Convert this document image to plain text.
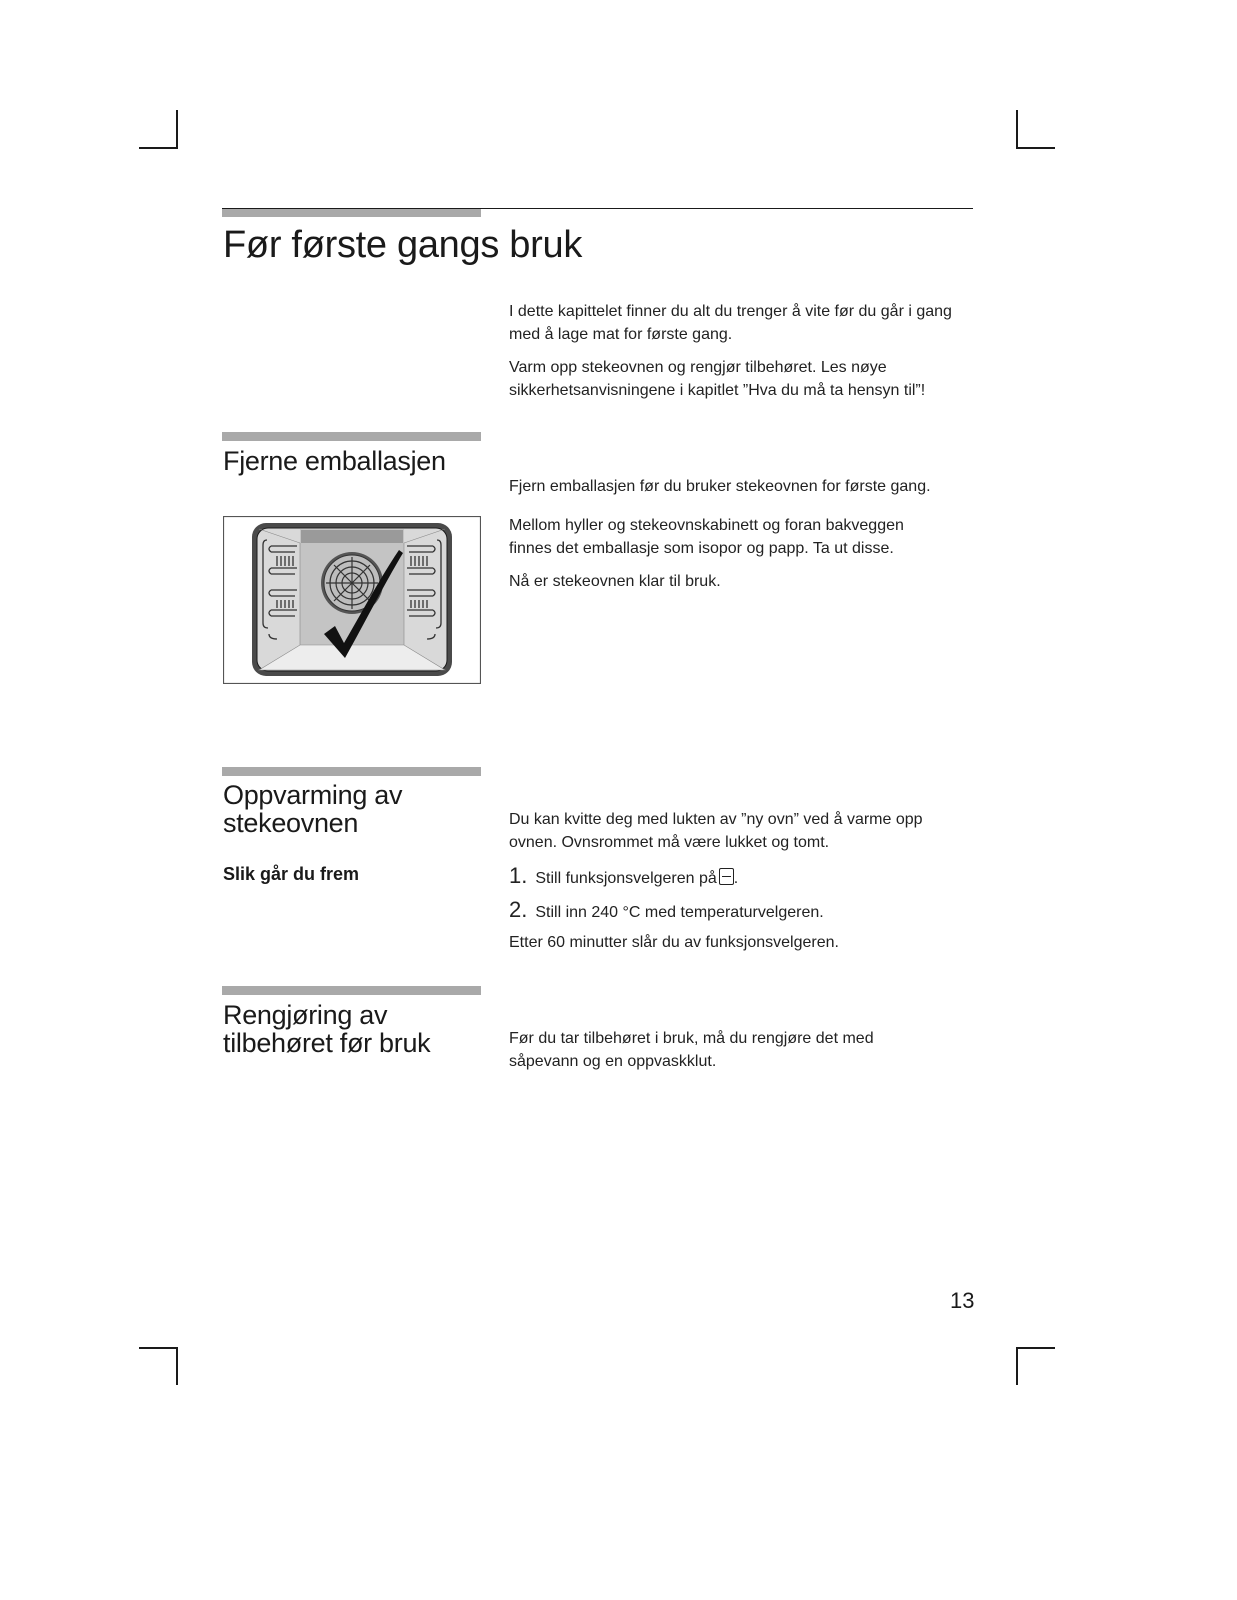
Før første gangs bruk

I dette kapittelet finner du alt du trenger å vite før du går i gang med å lage mat for første gang.

Varm opp stekeovnen og rengjør tilbehøret. Les nøye sikkerhetsanvisningene i kapitlet ”Hva du må ta hensyn til”!

Fjerne emballasjen

Fjern emballasjen før du bruker stekeovnen for første gang.

Mellom hyller og stekeovnskabinett og foran bakveggen finnes det emballasje som isopor og papp. Ta ut disse.

Nå er stekeovnen klar til bruk.

Oppvarming av
stekeovnen
Slik går du frem

Du kan kvitte deg med lukten av ”ny ovn” ved å varme opp ovnen. Ovnsrommet må være lukket og tomt.

1. Still funksjonsvelgeren på .
2. Still inn 240 °C med temperaturvelgeren.

Etter 60 minutter slår du av funksjonsvelgeren.

Rengjøring av
tilbehøret før bruk	Før du tar tilbehøret i bruk, må du rengjøre det med såpevann og en oppvaskklut.

13
